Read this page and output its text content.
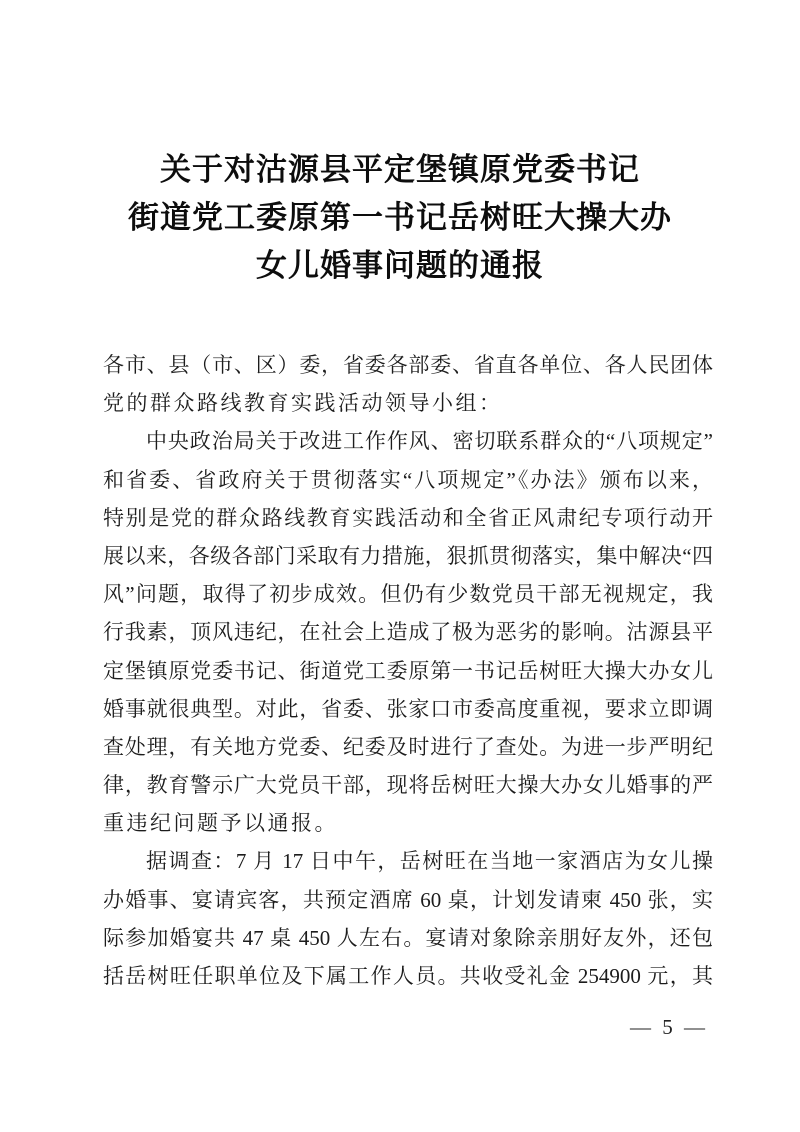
关于对沽源县平定堡镇原党委书记
街道党工委原第一书记岳树旺大操大办
女儿婚事问题的通报
各市、县（市、区）委，省委各部委、省直各单位、各人民团体
党的群众路线教育实践活动领导小组：
中央政治局关于改进工作作风、密切联系群众的“八项规定”
和省委、省政府关于贯彻落实“八项规定”《办法》颁布以来，
特别是党的群众路线教育实践活动和全省正风肃纪专项行动开
展以来，各级各部门采取有力措施，狠抓贯彻落实，集中解决“四
风”问题，取得了初步成效。但仍有少数党员干部无视规定，我
行我素，顶风违纪，在社会上造成了极为恶劣的影响。沽源县平
定堡镇原党委书记、街道党工委原第一书记岳树旺大操大办女儿
婚事就很典型。对此，省委、张家口市委高度重视，要求立即调
查处理，有关地方党委、纪委及时进行了查处。为进一步严明纪
律，教育警示广大党员干部，现将岳树旺大操大办女儿婚事的严
重违纪问题予以通报。
据调查：7 月 17 日中午，岳树旺在当地一家酒店为女儿操
办婚事、宴请宾客，共预定酒席 60 桌，计划发请柬 450 张，实
际参加婚宴共 47 桌 450 人左右。宴请对象除亲朋好友外，还包
括岳树旺任职单位及下属工作人员。共收受礼金 254900 元，其
— 5 —
